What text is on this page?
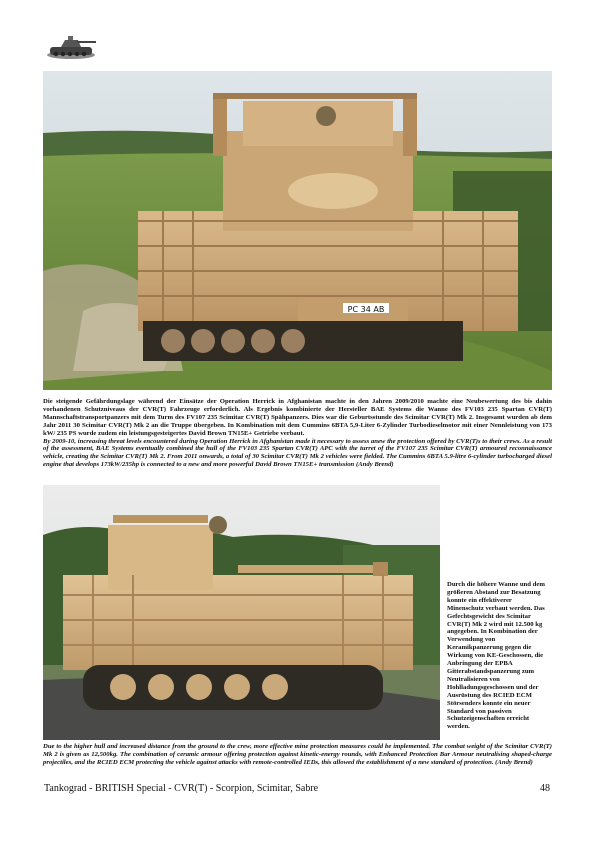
PC 34 AB

Die steigende Gefährdungslage während der Einsätze der Operation Herrick in Afghanistan machte in den Jahren 2009/2010 machte eine Neubewertung des bis dahin vorhandenen Schutzniveaus der CVR(T) Fahrzeuge erforderlich. Als Ergebnis kombinierte der Hersteller BAE Systems die Wanne des FV103 235 Spartan CVR(T) Mannschaftstransportpanzers mit dem Turm des FV107 235 Scimitar CVR(T) Spähpanzers. Dies war die Geburtsstunde des Scimitar CVR(T) Mk 2. Insgesamt wurden ab dem Jahr 2011 30 Scimitar CVR(T) Mk 2 an die Truppe übergeben. In Kombination mit dem Cummins 6BTA 5,9-Liter 6-Zylinder Turbodieselmotor mit einer Nennleistung von 173 kW/ 235 PS wurde zudem ein leistungsgesteigertes David Brown TN15E+ Getriebe verbaut.

By 2009-10, increasing threat levels encountered during Operation Herrick in Afghanistan made it necessary to assess anew the protection offered by CVR(T)s to their crews. As a result of the assessment, BAE Systems eventually combined the hull of the FV103 235 Spartan CVR(T) APC with the turret of the FV107 235 Scimitar CVR(T) armoured reconnaissance vehicle, creating the Scimitar CVR(T) Mk 2. From 2011 onwards, a total of 30 Scimitar CVR(T) Mk 2 vehicles were fielded. The Cummins 6BTA 5.9-litre 6-cylinder turbocharged diesel engine that develops 173kW/235hp is connected to a new and more powerful David Brown TN15E+ transmission (Andy Brend)

Durch die höhere Wanne und dem größeren Abstand zur Besatzung konnte ein effektiverer Minenschutz verbaut werden. Das Gefechtsgewicht des Scimitar CVR(T) Mk 2 wird mit 12.500 kg angegeben. In Kombination der Verwendung von Keramikpanzerung gegen die Wirkung von KE-Geschossen, die Anbringung der EPBA Gitterabstandspanzerung zum Neutralisieren von Hohlladungsgeschossen und der Ausrüstung des RCIED ECM Störsenders konnte ein neuer Standard von passiven Schutzeigenschaften erreicht werden.
Due to the higher hull and increased distance from the ground to the crew, more effective mine protection measures could be implemented. The combat weight of the Scimitar CVR(T) Mk 2 is given as 12,500kg. The combination of ceramic armour offering protection against kinetic-energy rounds, with Enhanced Protection Bar Armour neutralising shaped-charge projectiles, and the RCIED ECM protecting the vehicle against attacks with remote-controlled IEDs, this allowed the establishment of a new standard of protection. (Andy Brend)
Tankograd - BRITISH Special - CVR(T) - Scorpion, Scimitar, Sabre	48
